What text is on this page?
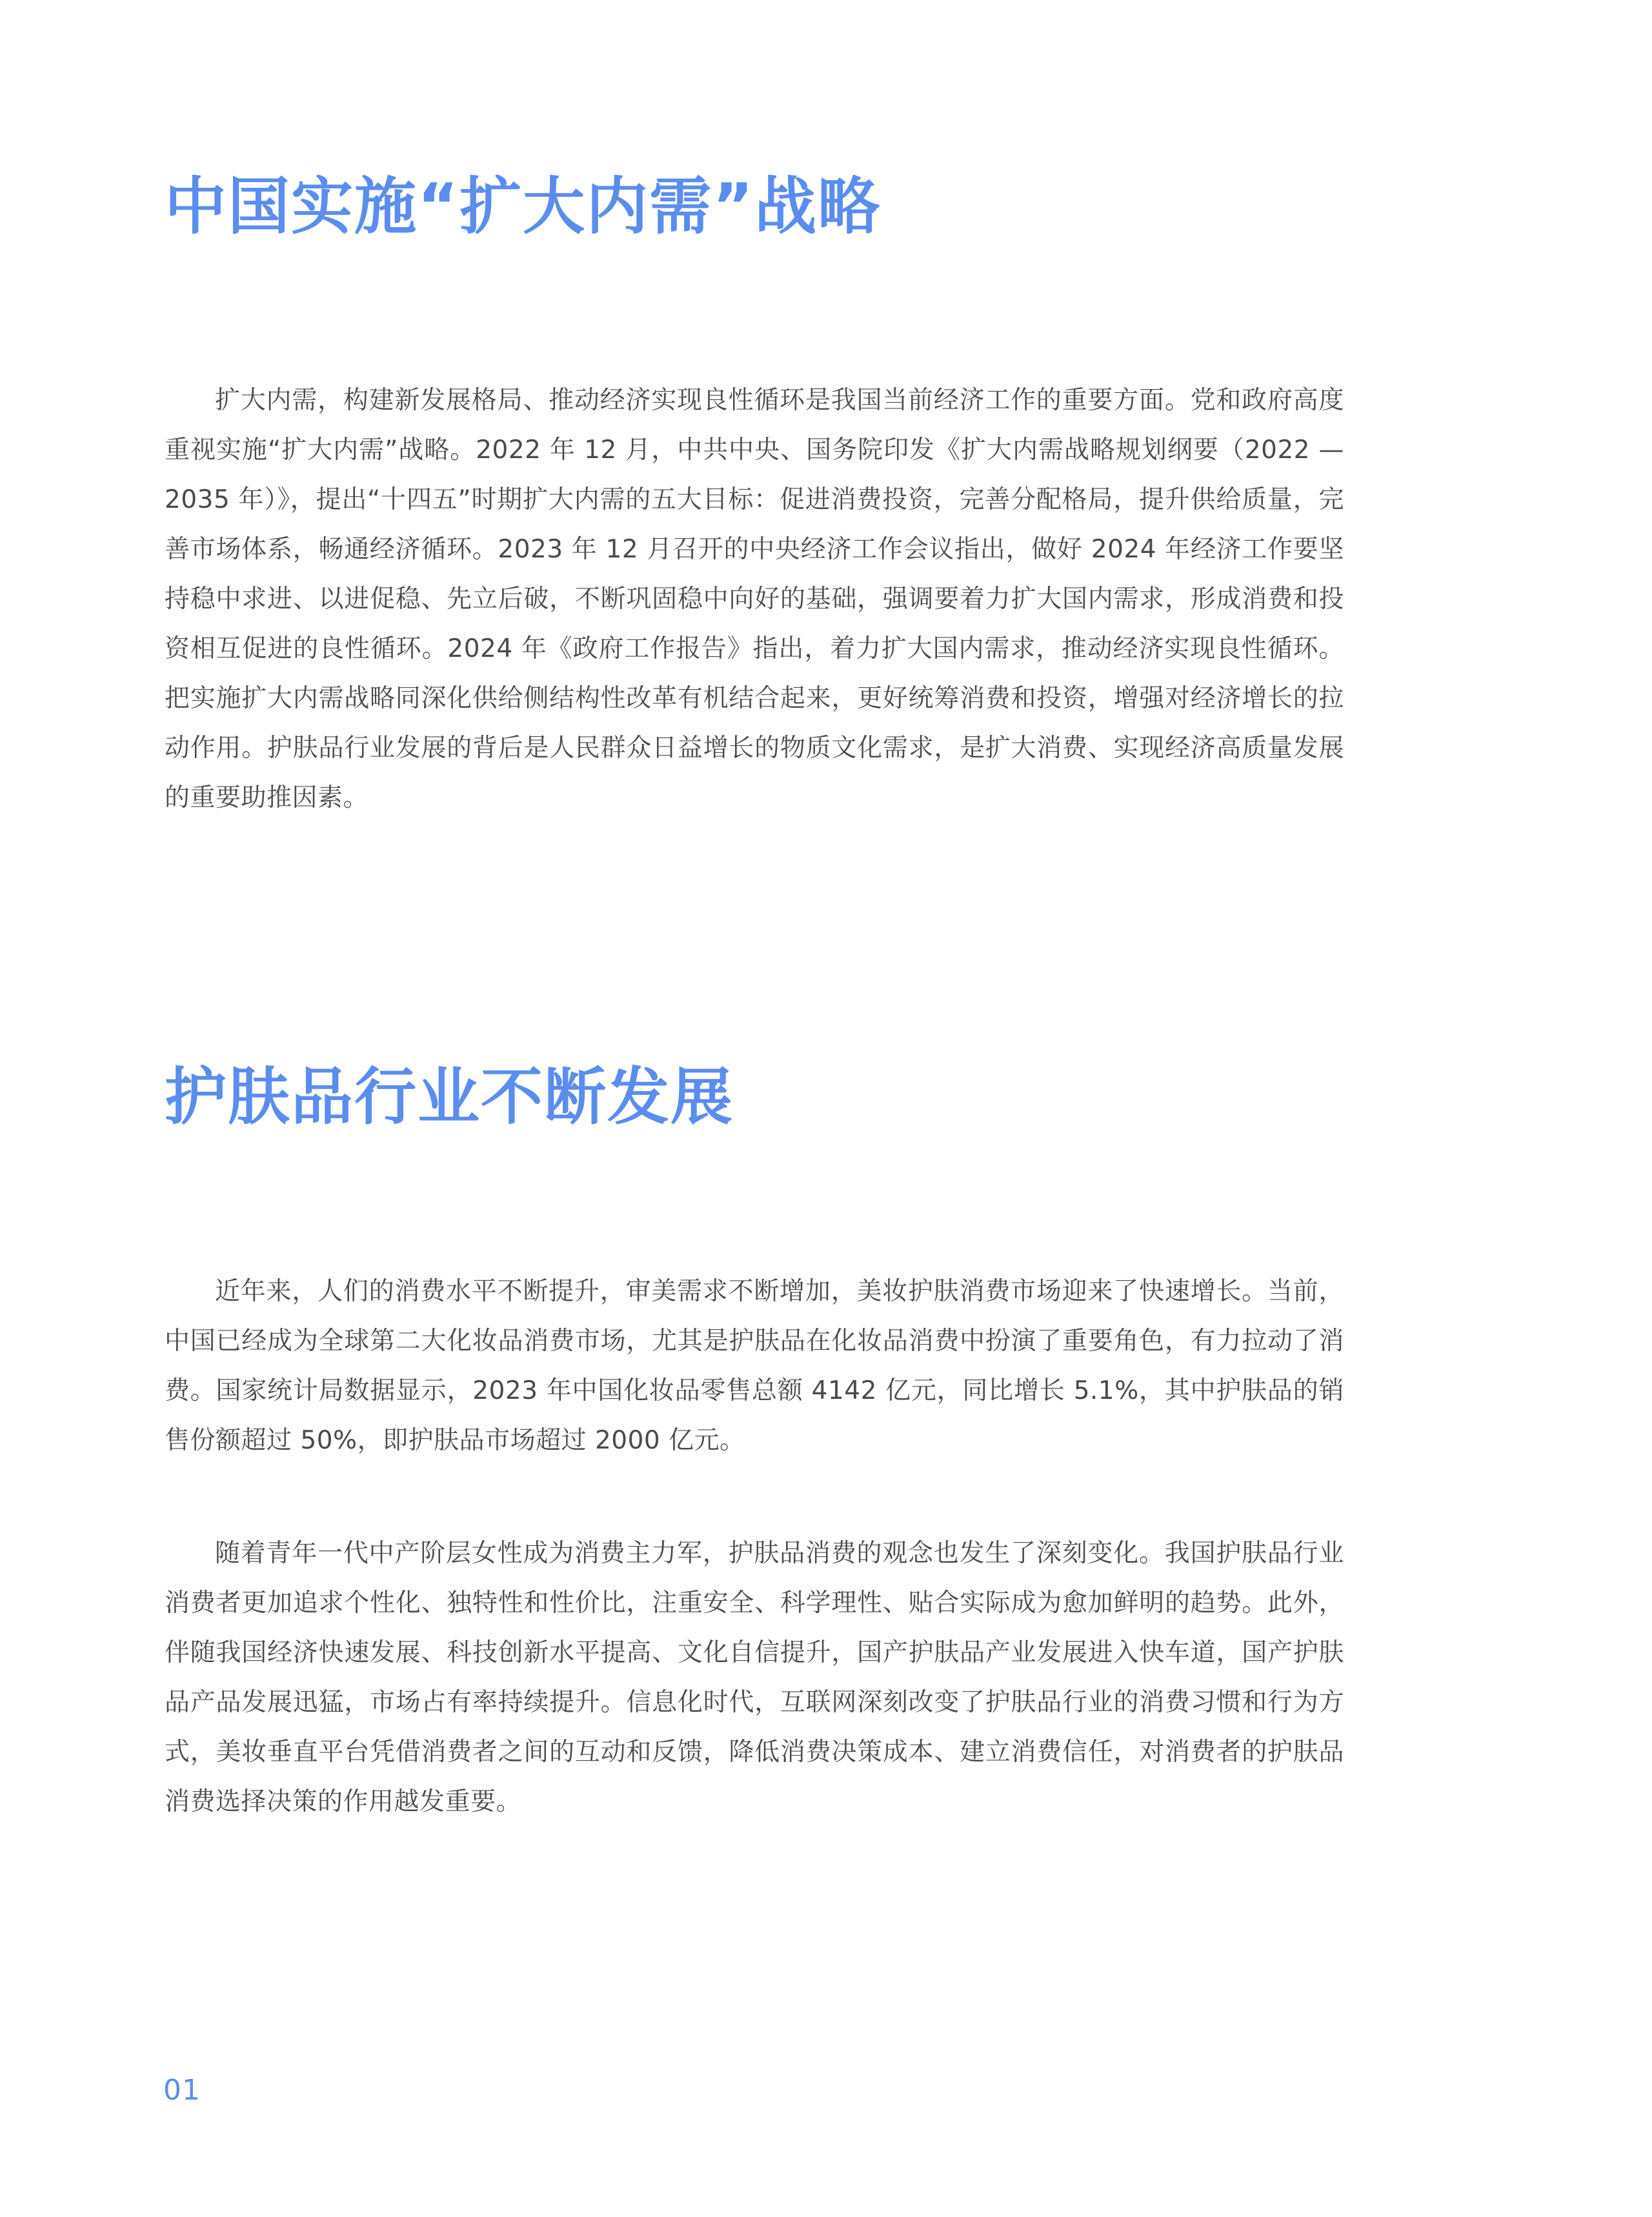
中国实施“扩大内需”战略

扩大内需，构建新发展格局、推动经济实现良性循环是我国当前经济工作的重要方面。党和政府高度重视实施“扩大内需”战略。2022 年 12 月，中共中央、国务院印发《扩大内需战略规划纲要（2022 — 2035 年）》，提出“十四五”时期扩大内需的五大目标：促进消费投资，完善分配格局，提升供给质量，完善市场体系，畅通经济循环。2023 年 12 月召开的中央经济工作会议指出，做好 2024 年经济工作要坚持稳中求进、以进促稳、先立后破，不断巩固稳中向好的基础，强调要着力扩大国内需求，形成消费和投资相互促进的良性循环。2024 年《政府工作报告》指出，着力扩大国内需求，推动经济实现良性循环。把实施扩大内需战略同深化供给侧结构性改革有机结合起来，更好统筹消费和投资，增强对经济增长的拉动作用。护肤品行业发展的背后是人民群众日益增长的物质文化需求，是扩大消费、实现经济高质量发展的重要助推因素。

护肤品行业不断发展

近年来，人们的消费水平不断提升，审美需求不断增加，美妆护肤消费市场迎来了快速增长。当前，中国已经成为全球第二大化妆品消费市场，尤其是护肤品在化妆品消费中扮演了重要角色，有力拉动了消费。国家统计局数据显示，2023 年中国化妆品零售总额 4142 亿元，同比增长 5.1%，其中护肤品的销售份额超过 50%，即护肤品市场超过 2000 亿元。

随着青年一代中产阶层女性成为消费主力军，护肤品消费的观念也发生了深刻变化。我国护肤品行业消费者更加追求个性化、独特性和性价比，注重安全、科学理性、贴合实际成为愈加鲜明的趋势。此外，伴随我国经济快速发展、科技创新水平提高、文化自信提升，国产护肤品产业发展进入快车道，国产护肤品产品发展迅猛，市场占有率持续提升。信息化时代，互联网深刻改变了护肤品行业的消费习惯和行为方式，美妆垂直平台凭借消费者之间的互动和反馈，降低消费决策成本、建立消费信任，对消费者的护肤品消费选择决策的作用越发重要。

01
